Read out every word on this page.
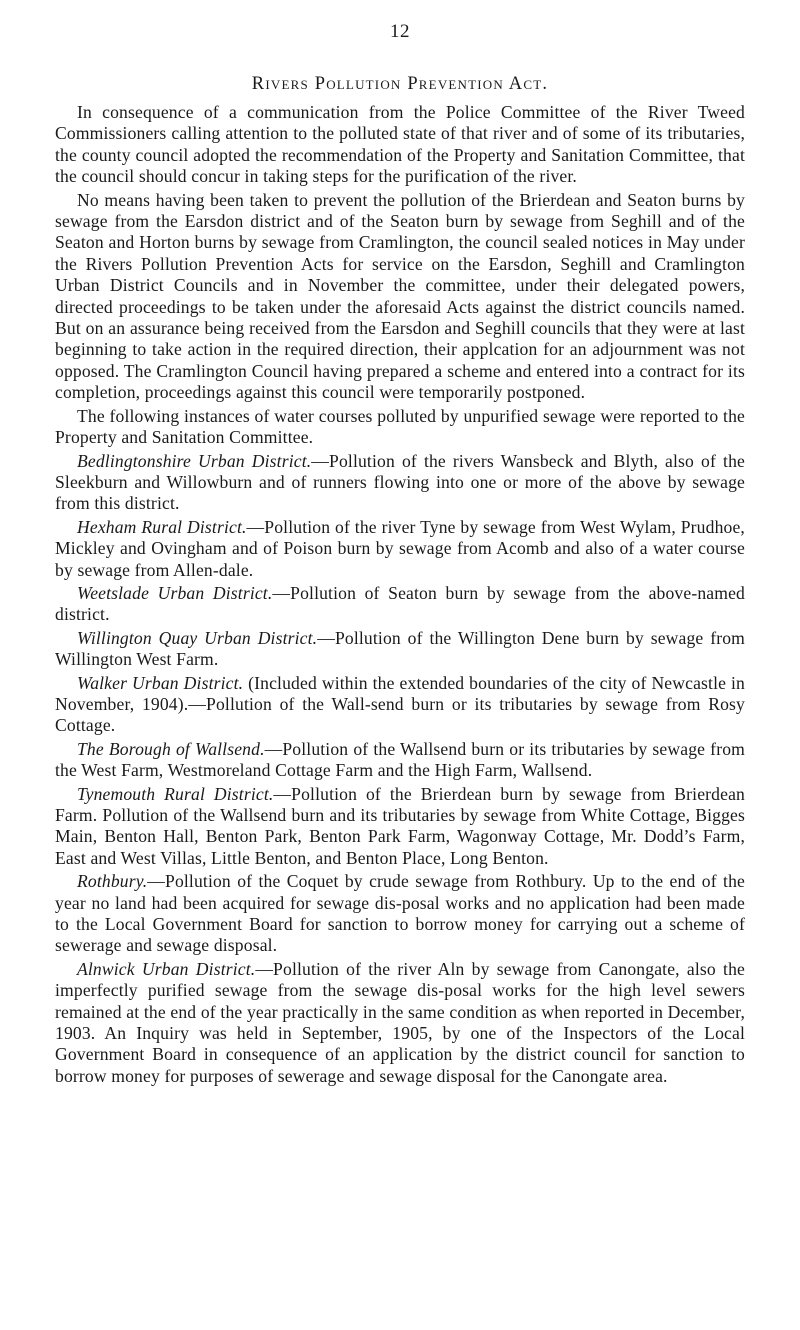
12
Rivers Pollution Prevention Act.

In consequence of a communication from the Police Committee of the River Tweed Commissioners calling attention to the polluted state of that river and of some of its tributaries, the county council adopted the recommendation of the Property and Sanitation Committee, that the council should concur in taking steps for the purification of the river.

No means having been taken to prevent the pollution of the Brierdean and Seaton burns by sewage from the Earsdon district and of the Seaton burn by sewage from Seghill and of the Seaton and Horton burns by sewage from Cramlington, the council sealed notices in May under the Rivers Pollution Prevention Acts for service on the Earsdon, Seghill and Cramlington Urban District Councils and in November the committee, under their delegated powers, directed proceedings to be taken under the aforesaid Acts against the district councils named. But on an assurance being received from the Earsdon and Seghill councils that they were at last beginning to take action in the required direction, their applcation for an adjournment was not opposed. The Cramlington Council having prepared a scheme and entered into a contract for its completion, proceedings against this council were temporarily postponed.

The following instances of water courses polluted by unpurified sewage were reported to the Property and Sanitation Committee.

Bedlingtonshire Urban District.—Pollution of the rivers Wansbeck and Blyth, also of the Sleekburn and Willowburn and of runners flowing into one or more of the above by sewage from this district.

Hexham Rural District.—Pollution of the river Tyne by sewage from West Wylam, Prudhoe, Mickley and Ovingham and of Poison burn by sewage from Acomb and also of a water course by sewage from Allen-dale.

Weetslade Urban District.—Pollution of Seaton burn by sewage from the above-named district.

Willington Quay Urban District.—Pollution of the Willington Dene burn by sewage from Willington West Farm.

Walker Urban District. (Included within the extended boundaries of the city of Newcastle in November, 1904).—Pollution of the Wall-send burn or its tributaries by sewage from Rosy Cottage.

The Borough of Wallsend.—Pollution of the Wallsend burn or its tributaries by sewage from the West Farm, Westmoreland Cottage Farm and the High Farm, Wallsend.

Tynemouth Rural District.—Pollution of the Brierdean burn by sewage from Brierdean Farm. Pollution of the Wallsend burn and its tributaries by sewage from White Cottage, Bigges Main, Benton Hall, Benton Park, Benton Park Farm, Wagonway Cottage, Mr. Dodd’s Farm, East and West Villas, Little Benton, and Benton Place, Long Benton.

Rothbury.—Pollution of the Coquet by crude sewage from Rothbury. Up to the end of the year no land had been acquired for sewage dis-posal works and no application had been made to the Local Government Board for sanction to borrow money for carrying out a scheme of sewerage and sewage disposal.

Alnwick Urban District.—Pollution of the river Aln by sewage from Canongate, also the imperfectly purified sewage from the sewage dis-posal works for the high level sewers remained at the end of the year practically in the same condition as when reported in December, 1903. An Inquiry was held in September, 1905, by one of the Inspectors of the Local Government Board in consequence of an application by the district council for sanction to borrow money for purposes of sewerage and sewage disposal for the Canongate area.
